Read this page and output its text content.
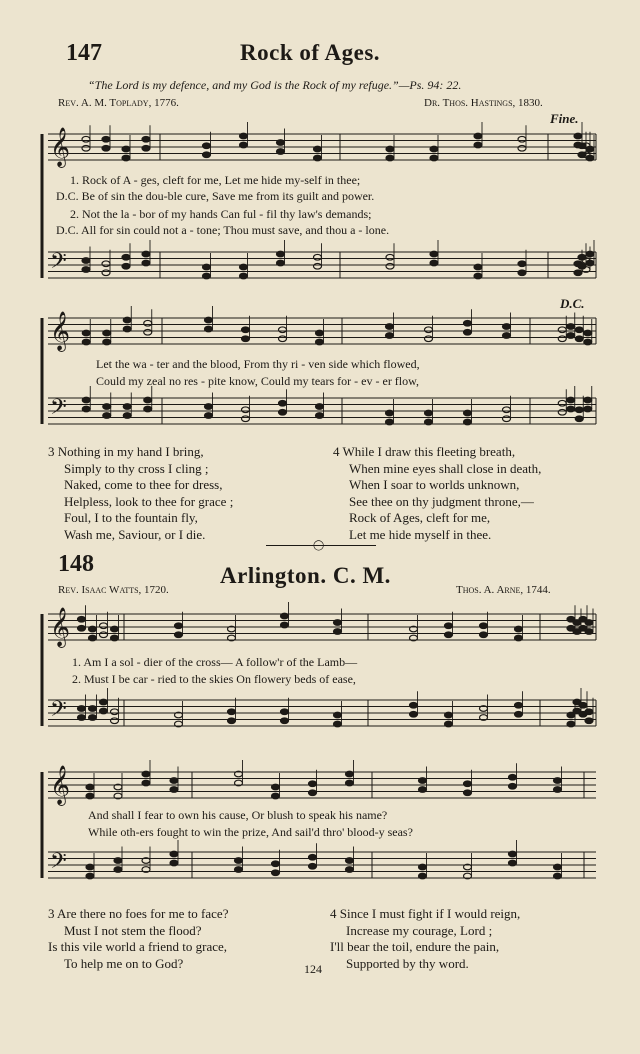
𝄞
𝄢
𝄞
𝄢
𝄞
𝄢
𝄞
𝄢
147	Rock of Ages.
“The Lord is my defence, and my God is the Rock of my refuge.”—Ps. 94: 22.
Rev. A. M. Toplady, 1776.	Dr. Thos. Hastings, 1830.
Fine.
D.C.
1. Rock of A - ges, cleft for me, Let me hide my-self in thee;
D.C. Be of sin the dou-ble cure, Save me from its guilt and power.
2. Not the la - bor of my hands Can ful - fil thy law's demands;
D.C. All for sin could not a - tone; Thou must save, and thou a - lone.
Let the wa - ter and the blood, From thy ri - ven side which flowed,
Could my zeal no res - pite know, Could my tears for - ev - er flow,
3 Nothing in my hand I bring,
Simply to thy cross I cling ;
Naked, come to thee for dress,
Helpless, look to thee for grace ;
Foul, I to the fountain fly,
Wash me, Saviour, or I die.
4 While I draw this fleeting breath,
When mine eyes shall close in death,
When I soar to worlds unknown,
See thee on thy judgment throne,—
Rock of Ages, cleft for me,
Let me hide myself in thee.
◯
148	Arlington. C. M.
Rev. Isaac Watts, 1720.	Thos. A. Arne, 1744.
1. Am I a sol - dier of the cross— A follow'r of the Lamb—
2. Must I be car - ried to the skies On flowery beds of ease,
And shall I fear to own his cause, Or blush to speak his name?
While oth-ers fought to win the prize, And sail'd thro' blood-y seas?
3 Are there no foes for me to face?
Must I not stem the flood?
Is this vile world a friend to grace,
To help me on to God?
4 Since I must fight if I would reign,
Increase my courage, Lord ;
I'll bear the toil, endure the pain,
Supported by thy word.
124
